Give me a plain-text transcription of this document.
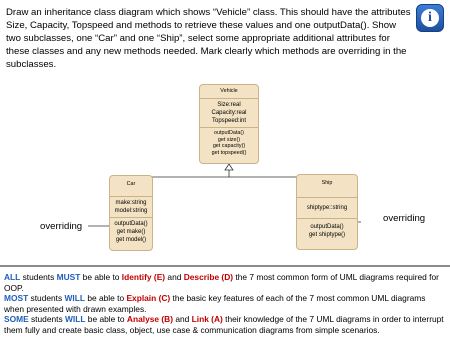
Draw an inheritance class diagram which shows “Vehicle” class. This should have the attributes Size, Capacity, Topspeed and methods to retrieve these values and one outputData(). Show two subclasses, one “Car” and one “Ship”, select some appropriate additional attributes for these classes and any new methods needed. Mark clearly which methods are overriding in the subclasses.

i
Vehicle
Size:real
Capacity:real
Topspeed:int
outputData()
get size()
get capacity()
get topspeed()
Car
make:string
model:string
outputData()
get make()
get model()
Ship
shiptype::string
outputData()
get shiptype()
overriding
overriding
ALL students MUST be able to Identify (E) and Describe (D) the 7 most common form of UML diagrams required for OOP.
MOST students WILL be able to Explain (C) the basic key features of each of the 7 most common UML diagrams when presented with drawn examples.
SOME students WILL be able to Analyse (B) and Link (A) their knowledge of the 7 UML diagrams in order to interrupt them fully and create basic class, object, use case & communication diagrams from simple scenarios.
